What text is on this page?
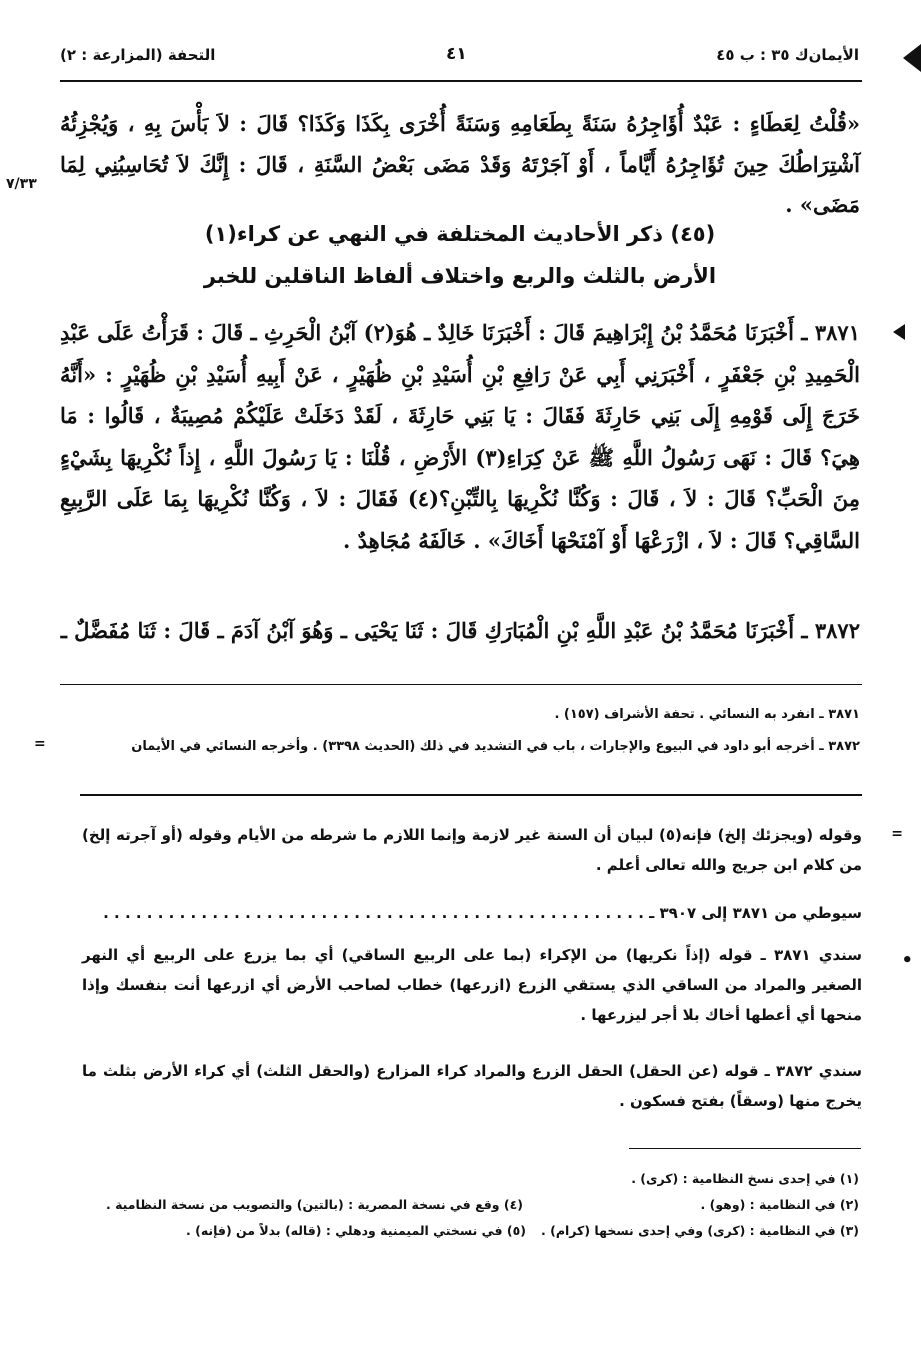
الأيمان‌ك ٣٥ : ب ٤٥
٤١
التحفة (المزارعة : ٢)
«قُلْتُ لِعَطَاءٍ : عَبْدٌ أُؤَاجِرُهُ سَنَةً بِطَعَامِهِ وَسَنَةً أُخْرَى بِكَذَا وَكَذَا؟ قَالَ : لاَ بَأْسَ بِهِ ، وَيُجْزِئُهُ آشْتِرَاطُكَ حِينَ تُؤَاجِرُهُ أَيَّاماً ، أَوْ آجَرْتَهُ وَقَدْ مَضَى بَعْضُ السَّنَةِ ، قَالَ : إِنَّكَ لاَ تُحَاسِبُنِي لِمَا مَضَى» .
٧/٣٣
(٤٥) ذكر الأحاديث المختلفة في النهي عن كراء(١)
الأرض بالثلث والربع واختلاف ألفاظ الناقلين للخبر
٣٨٧١ ـ أَخْبَرَنَا مُحَمَّدُ بْنُ إِبْرَاهِيمَ قَالَ : أَخْبَرَنَا خَالِدٌ ـ هُوَ(٢) آبْنُ الْحَرِثِ ـ قَالَ : قَرَأْتُ عَلَى عَبْدِ الْحَمِيدِ بْنِ جَعْفَرٍ ، أَخْبَرَنِي أَبِي عَنْ رَافِعِ بْنِ أُسَيْدِ بْنِ ظُهَيْرٍ ، عَنْ أَبِيهِ أُسَيْدِ بْنِ ظُهَيْرٍ : «أَنَّهُ خَرَجَ إِلَى قَوْمِهِ إِلَى بَنِي حَارِثَةَ فَقَالَ : يَا بَنِي حَارِثَةَ ، لَقَدْ دَخَلَتْ عَلَيْكُمْ مُصِيبَةٌ ، قَالُوا : مَا هِيَ؟ قَالَ : نَهَى رَسُولُ اللَّهِ ﷺ عَنْ كِرَاءِ(٣) الأَرْضِ ، قُلْنَا : يَا رَسُولَ اللَّهِ ، إِذاً نُكْرِيهَا بِشَيْءٍ مِنَ الْحَبِّ؟ قَالَ : لاَ ، قَالَ : وَكُنَّا نُكْرِيهَا بِالتِّبْنِ؟(٤) فَقَالَ : لاَ ، وَكُنَّا نُكْرِيهَا بِمَا عَلَى الرَّبِيعِ السَّاقِي؟ قَالَ : لاَ ، ازْرَعْهَا أَوْ آمْنَحْهَا أَخَاكَ» . خَالَفَهُ مُجَاهِدٌ .
٣٨٧٢ ـ أَخْبَرَنَا مُحَمَّدُ بْنُ عَبْدِ اللَّهِ بْنِ الْمُبَارَكِ قَالَ : ثَنَا يَحْيَى ـ وَهُوَ آبْنُ آدَمَ ـ قَالَ : ثَنَا مُفَضَّلٌ ـ
٣٨٧١ ـ انفرد به النسائي . تحفة الأشراف (١٥٧) .
٣٨٧٢ ـ أخرجه أبو داود في البيوع والإجارات ، باب في التشديد في ذلك (الحديث ٣٣٩٨) . وأخرجه النسائي في الأيمان
=
=
وقوله (ويجزئك إلخ) فإنه(٥) لبيان أن السنة غير لازمة وإنما اللازم ما شرطه من الأيام وقوله (أو آجرته إلخ) من كلام ابن جريج والله تعالى أعلم .
سيوطي من ٣٨٧١ إلى ٣٩٠٧ ـ . . . . . . . . . . . . . . . . . . . . . . . . . . . . . . . . . . . . . . . . . . . . . . . . . .
•
سندي ٣٨٧١ ـ قوله (إذاً نكريها) من الإكراء (بما على الربيع الساقي) أي بما يزرع على الربيع أي النهر الصغير والمراد من الساقي الذي يستقي الزرع (ازرعها) خطاب لصاحب الأرض أي ازرعها أنت بنفسك وإذا منحها أي أعطها أخاك بلا أجر ليزرعها .
سندي ٣٨٧٢ ـ قوله (عن الحقل) الحقل الزرع والمراد كراء المزارع (والحقل الثلث) أي كراء الأرض بثلث ما يخرج منها (وسقاً) بفتح فسكون .
(١) في إحدى نسخ النظامية : (كرى) .
(٢) في النظامية : (وهو) .
(٣) في النظامية : (كرى) وفي إحدى نسخها (كرام) .
(٤) وقع في نسخة المصرية : (بالتين) والتصويب من نسخة النظامية .
(٥) في نسختي الميمنية ودهلي : (قاله) بدلاً من (فإنه) .
